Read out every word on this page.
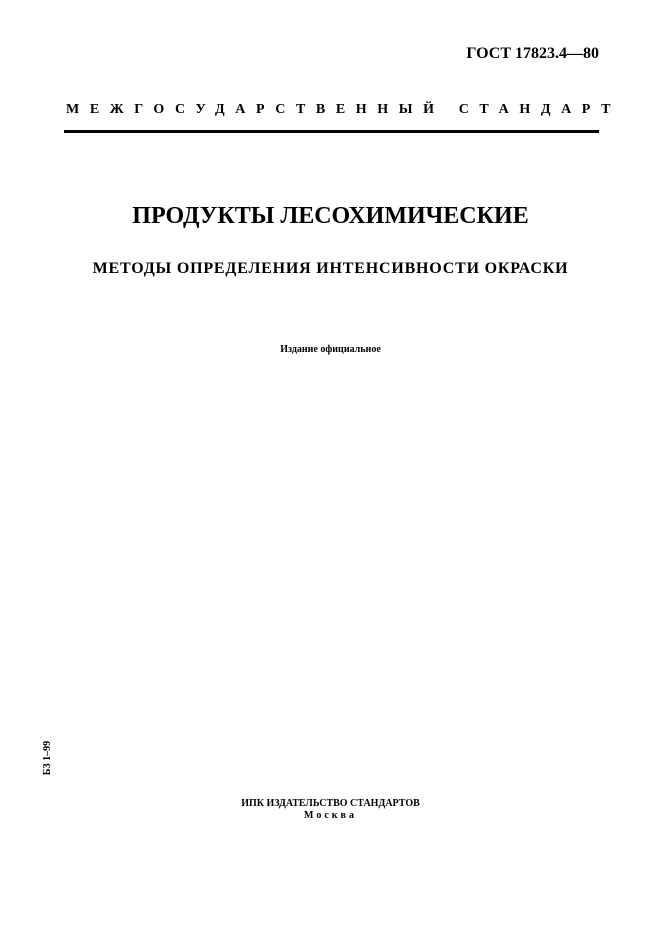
ГОСТ 17823.4—80
МЕЖГОСУДАРСТВЕННЫЙ СТАНДАРТ
ПРОДУКТЫ ЛЕСОХИМИЧЕСКИЕ
МЕТОДЫ ОПРЕДЕЛЕНИЯ ИНТЕНСИВНОСТИ ОКРАСКИ
Издание официальное
БЗ 1–99
ИПК ИЗДАТЕЛЬСТВО СТАНДАРТОВ
Москва
